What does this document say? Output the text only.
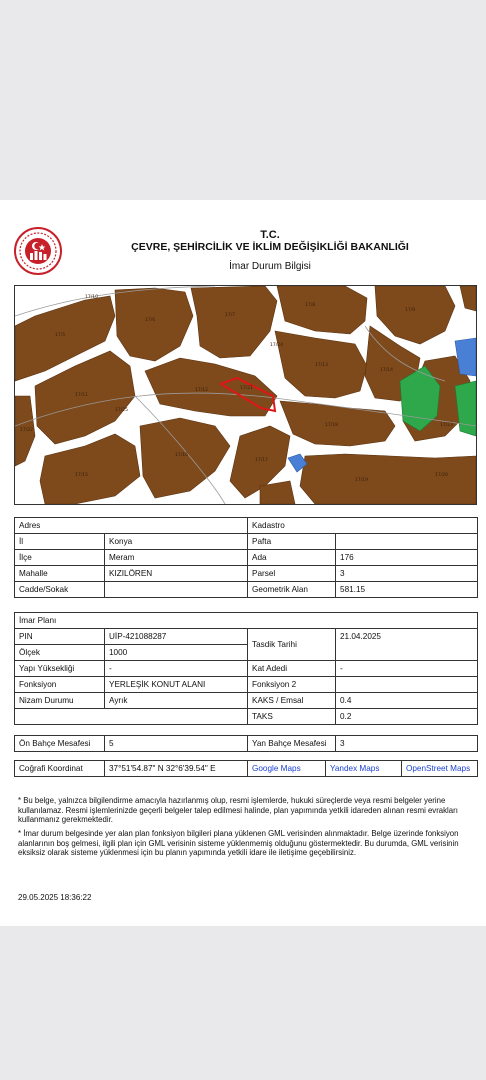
T.C.
ÇEVRE, ŞEHİRCİLİK VE İKLİM DEĞİŞİKLİĞİ BAKANLIĞI
İmar Durum Bilgisi
17/5
17/6
17/7
17/8
17/9
17/10
17/11
17/12
17/13
17/14
17/15
17/16
17/17
17/18
17/19
17/20
17/21
17/22
17/23
17/24
17/25
Adres		Kadastro	
İl	Konya	Pafta	
İlçe	Meram	Ada	176
Mahalle	KIZILÖREN	Parsel	3
Cadde/Sokak		Geometrik Alan	581.15
İmar Planı			
PIN	UİP-421088287	Tasdik Tarihi	21.04.2025
Ölçek	1000		
Yapı Yüksekliği	-	Kat Adedi	-
Fonksiyon	YERLEŞİK KONUT ALANI	Fonksiyon 2	
Nizam Durumu	Ayrık	KAKS / Emsal	0.4
		TAKS	0.2
Ön Bahçe Mesafesi	5	Yan Bahçe Mesafesi	3
Coğrafi Koordinat	37°51'54.87" N 32°6'39.54" E	Google Maps	Yandex Maps	OpenStreet Maps
* Bu belge, yalnızca bilgilendirme amacıyla hazırlanmış olup, resmi işlemlerde, hukuki süreçlerde veya resmi belgeler yerine kullanılamaz. Resmi işlemlerinizde geçerli belgeler talep edilmesi halinde, plan yapımında yetkili idareden alınan resmi evrakları kullanmanız gerekmektedir.
* İmar durum belgesinde yer alan plan fonksiyon bilgileri plana yüklenen GML verisinden alınmaktadır. Belge üzerinde fonksiyon alanlarının boş gelmesi, ilgili plan için GML verisinin sisteme yüklenmemiş olduğunu göstermektedir. Bu durumda, GML verisinin eksiksiz olarak sisteme yüklenmesi için bu planın yapımında yetkili idare ile iletişime geçebilirsiniz.
29.05.2025 18:36:22
